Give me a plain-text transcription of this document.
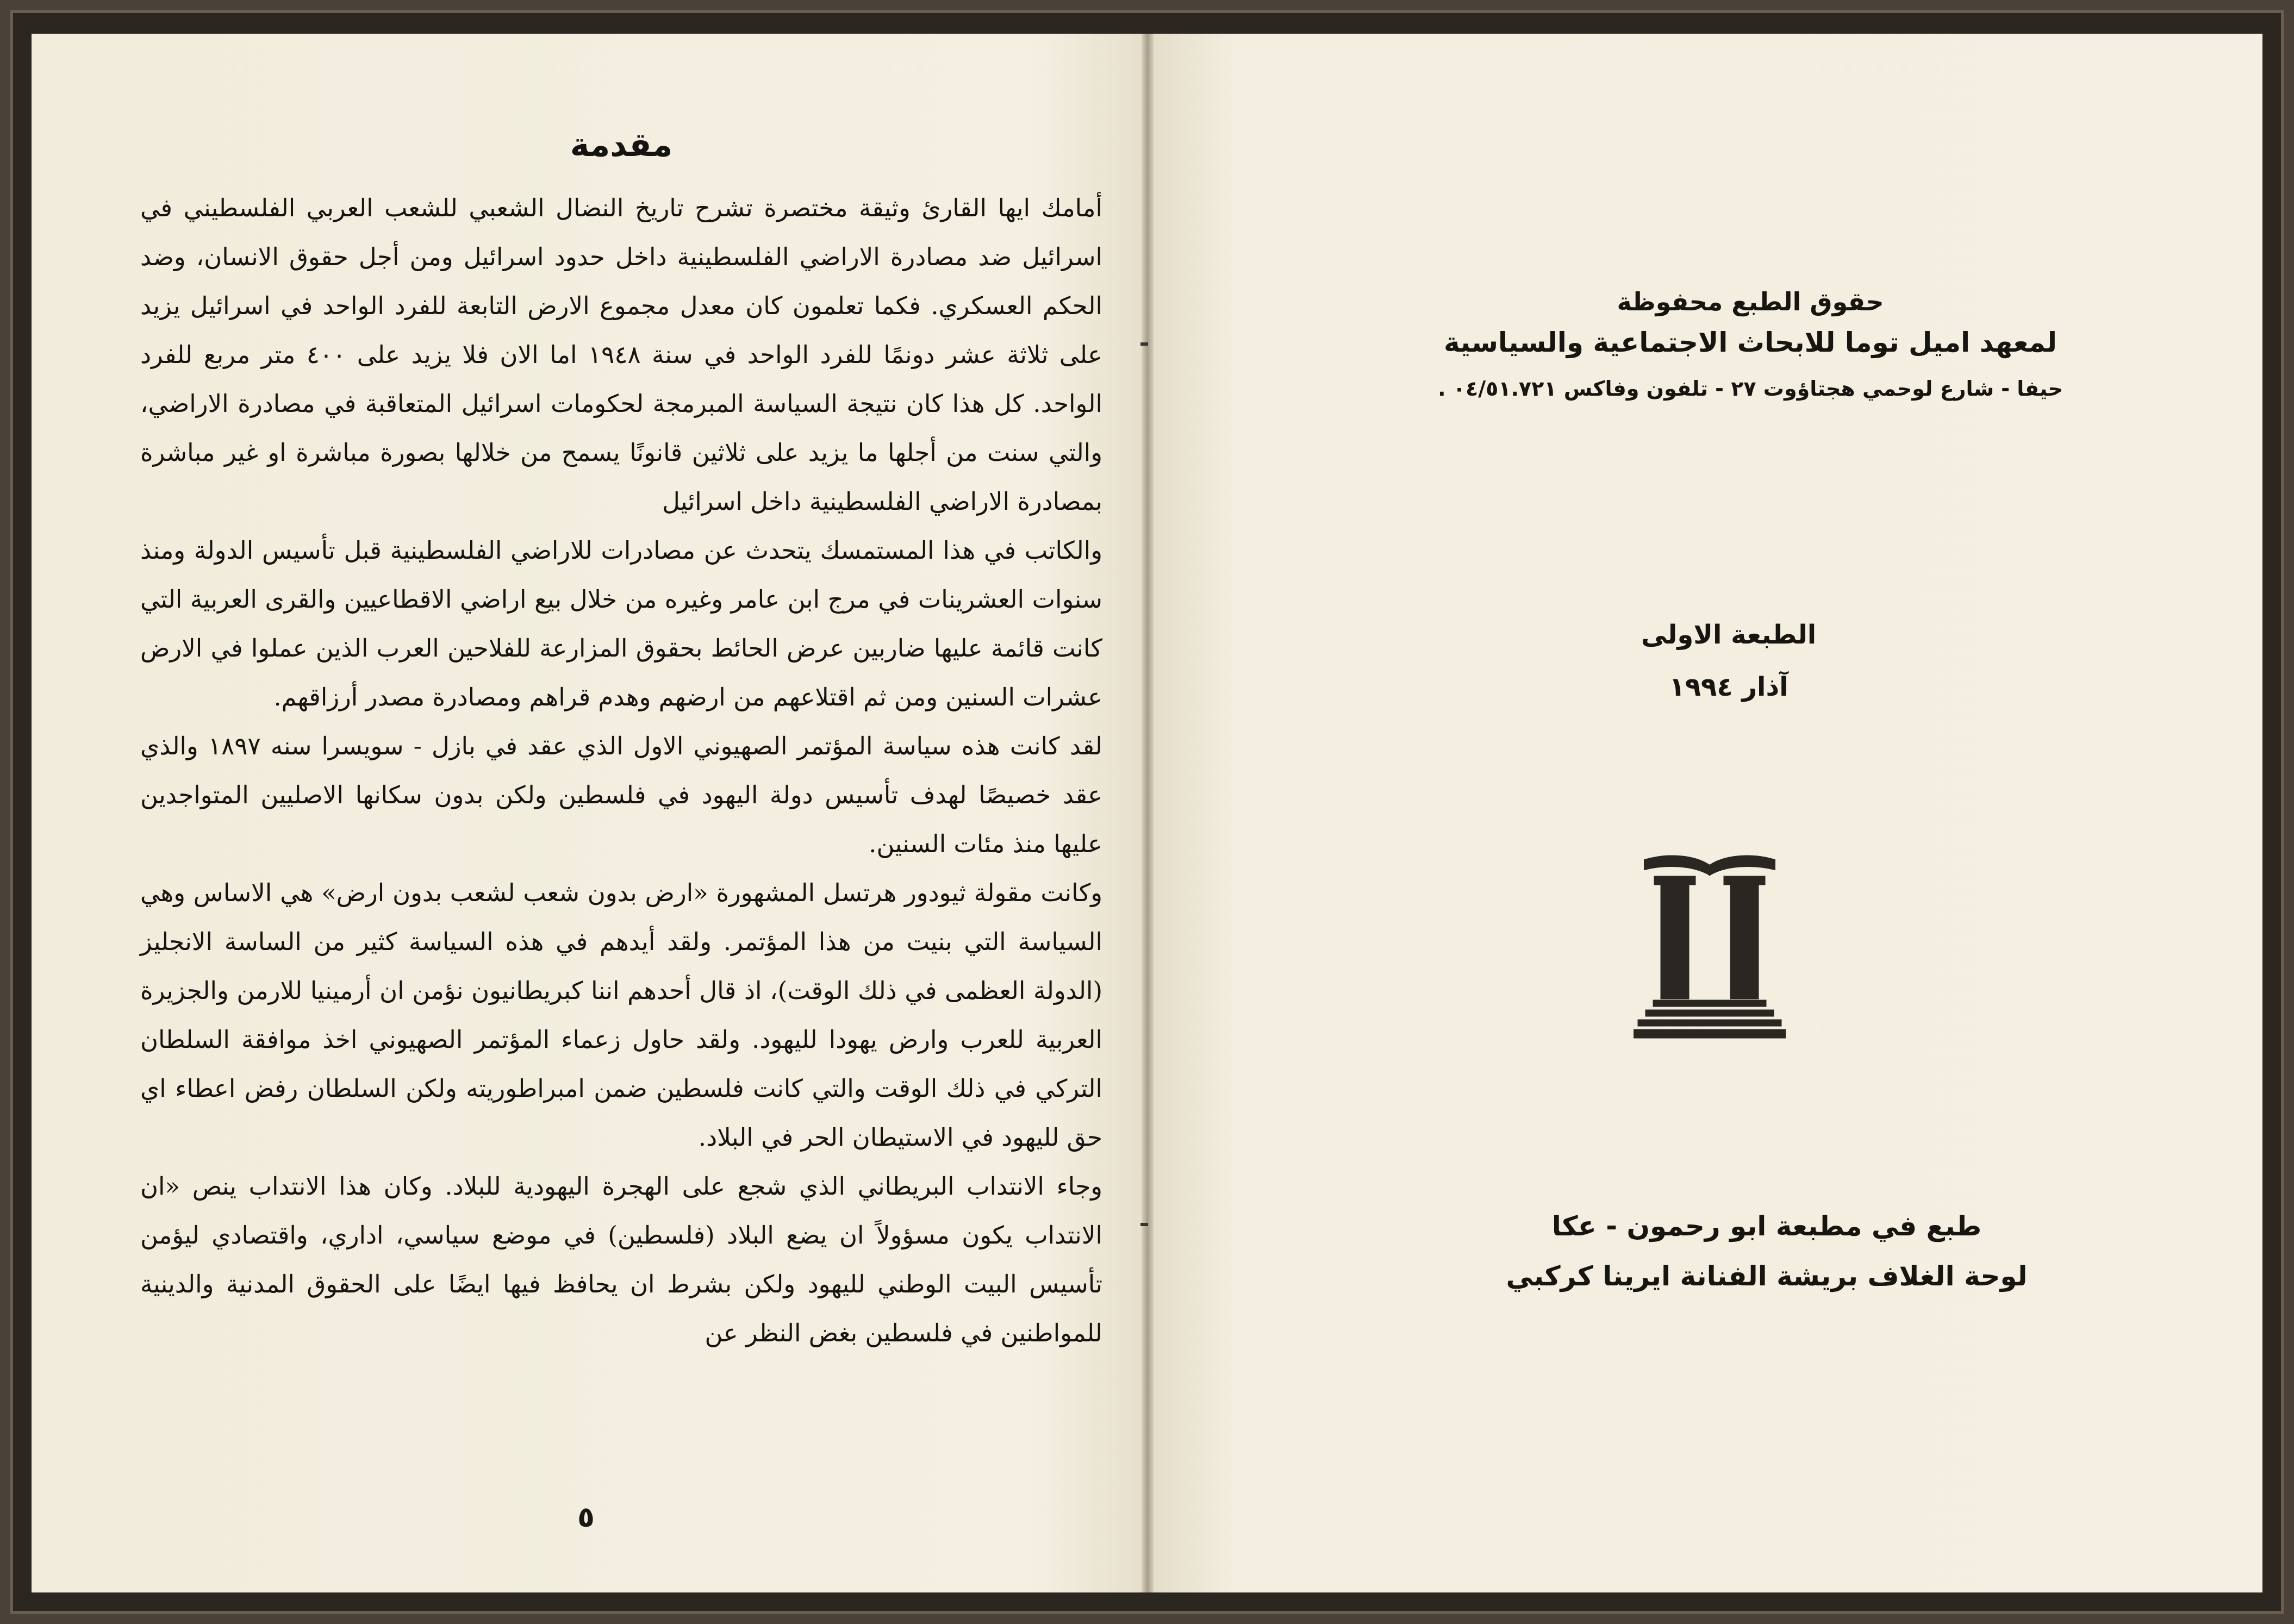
مقدمة

أمامك ايها القارئ وثيقة مختصرة تشرح تاريخ النضال الشعبي للشعب العربي الفلسطيني في اسرائيل ضد مصادرة الاراضي الفلسطينية داخل حدود اسرائيل ومن أجل حقوق الانسان، وضد الحكم العسكري. فكما تعلمون كان معدل مجموع الارض التابعة للفرد الواحد في اسرائيل يزيد على ثلاثة عشر دونمًا للفرد الواحد في سنة ١٩٤٨ اما الان فلا يزيد على ٤٠٠ متر مربع للفرد الواحد. كل هذا كان نتيجة السياسة المبرمجة لحكومات اسرائيل المتعاقبة في مصادرة الاراضي، والتي سنت من أجلها ما يزيد على ثلاثين قانونًا يسمح من خلالها بصورة مباشرة او غير مباشرة بمصادرة الاراضي الفلسطينية داخل اسرائيل

والكاتب في هذا المستمسك يتحدث عن مصادرات للاراضي الفلسطينية قبل تأسيس الدولة ومنذ سنوات العشرينات في مرج ابن عامر وغيره من خلال بيع اراضي الاقطاعيين والقرى العربية التي كانت قائمة عليها ضاربين عرض الحائط بحقوق المزارعة للفلاحين العرب الذين عملوا في الارض عشرات السنين ومن ثم اقتلاعهم من ارضهم وهدم قراهم ومصادرة مصدر أرزاقهم.

لقد كانت هذه سياسة المؤتمر الصهيوني الاول الذي عقد في بازل - سويسرا سنه ١٨٩٧ والذي عقد خصيصًا لهدف تأسيس دولة اليهود في فلسطين ولكن بدون سكانها الاصليين المتواجدين عليها منذ مئات السنين.

وكانت مقولة ثيودور هرتسل المشهورة «ارض بدون شعب لشعب بدون ارض» هي الاساس وهي السياسة التي بنيت من هذا المؤتمر. ولقد أيدهم في هذه السياسة كثير من الساسة الانجليز (الدولة العظمى في ذلك الوقت)، اذ قال أحدهم اننا كبريطانيون نؤمن ان أرمينيا للارمن والجزيرة العربية للعرب وارض يهودا لليهود. ولقد حاول زعماء المؤتمر الصهيوني اخذ موافقة السلطان التركي في ذلك الوقت والتي كانت فلسطين ضمن امبراطوريته ولكن السلطان رفض اعطاء اي حق لليهود في الاستيطان الحر في البلاد.

وجاء الانتداب البريطاني الذي شجع على الهجرة اليهودية للبلاد. وكان هذا الانتداب ينص «ان الانتداب يكون مسؤولاً ان يضع البلاد (فلسطين) في موضع سياسي، اداري، واقتصادي ليؤمن تأسيس البيت الوطني لليهود ولكن بشرط ان يحافظ فيها ايضًا على الحقوق المدنية والدينية للمواطنين في فلسطين بغض النظر عن

٥
حقوق الطبع محفوظة
لمعهد اميل توما للابحاث الاجتماعية والسياسية
حيفا - شارع لوحمي هجتاؤوت ٢٧ - تلفون وفاكس ٠٤/٥١.٧٢١ .
الطبعة الاولى
آذار ١٩٩٤
طبع في مطبعة ابو رحمون - عكا
لوحة الغلاف بريشة الفنانة ايرينا كركبي
